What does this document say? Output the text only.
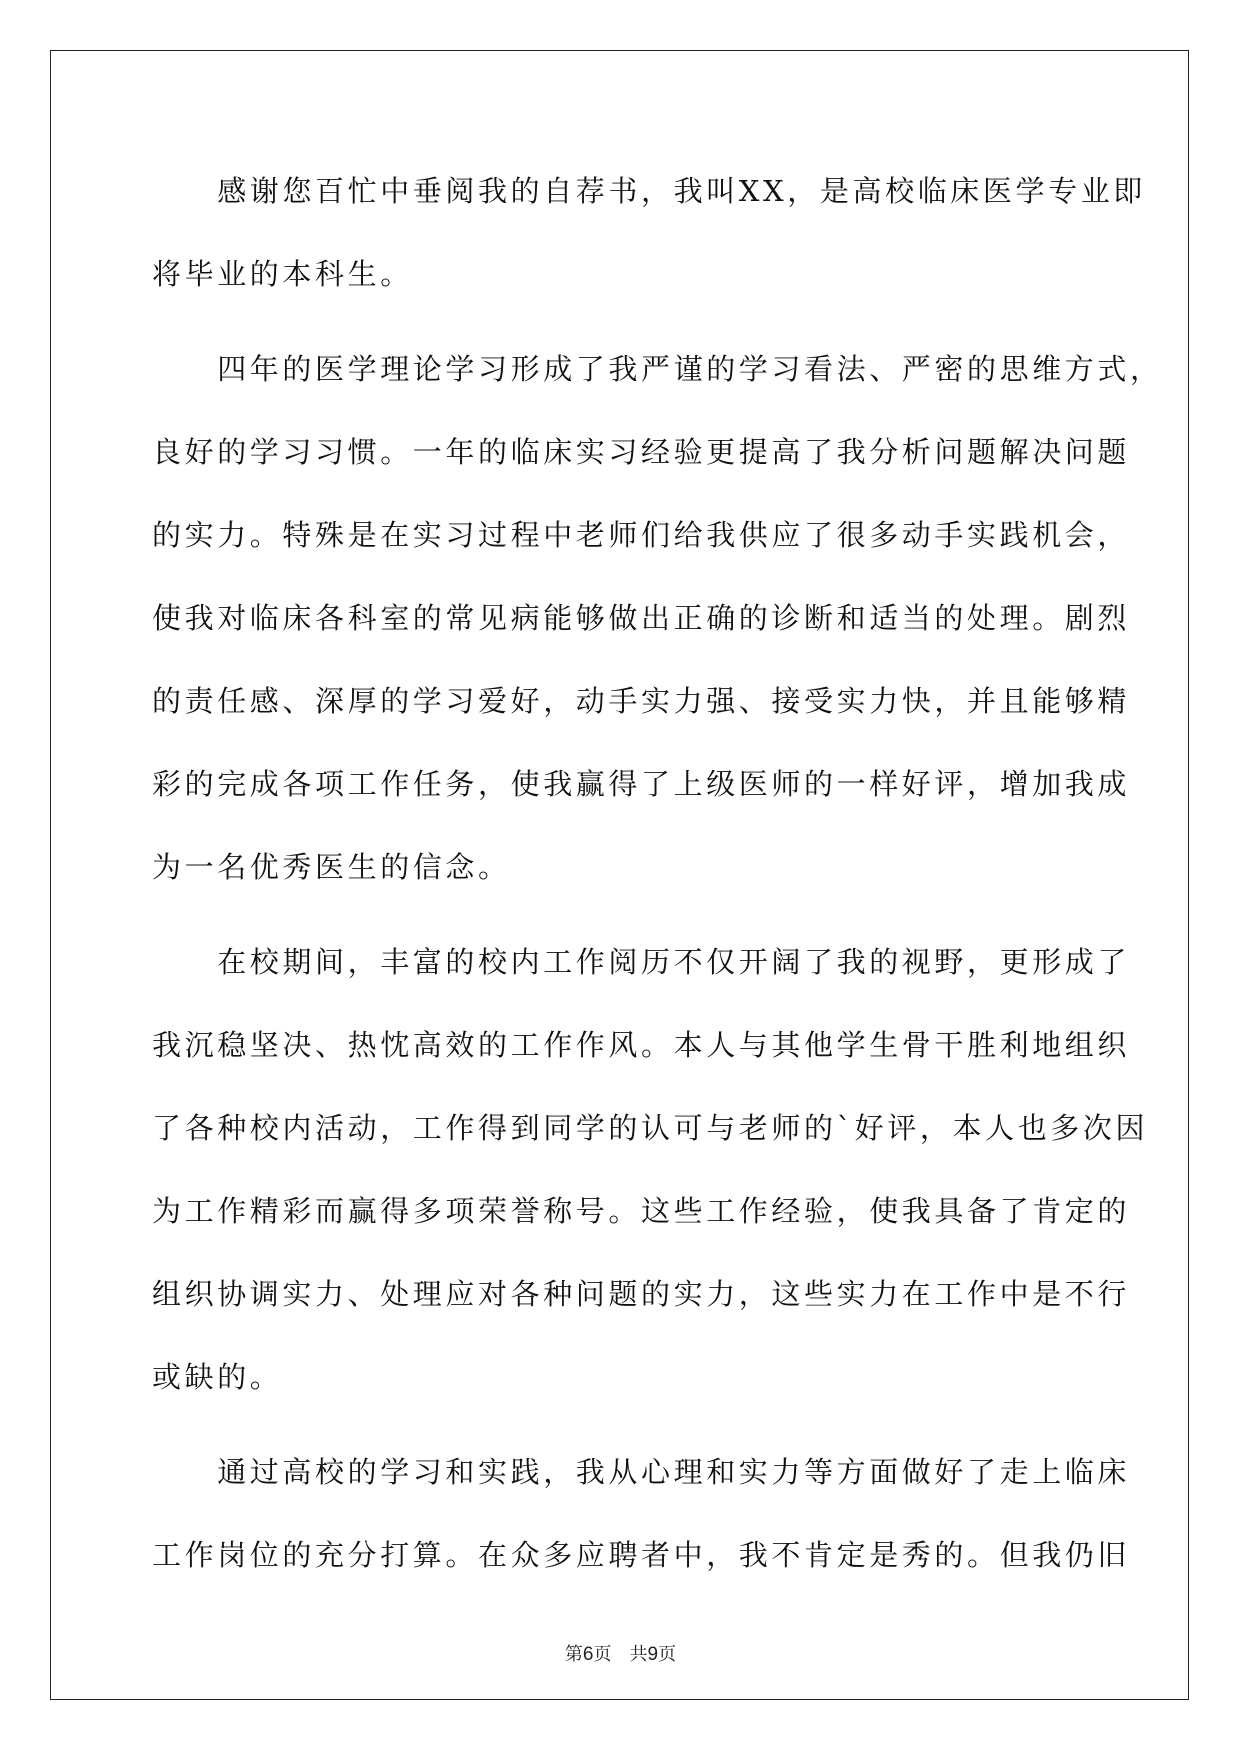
　　感谢您百忙中垂阅我的自荐书，我叫XX，是高校临床医学专业即
将毕业的本科生。
　　四年的医学理论学习形成了我严谨的学习看法、严密的思维方式，
良好的学习习惯。一年的临床实习经验更提高了我分析问题解决问题
的实力。特殊是在实习过程中老师们给我供应了很多动手实践机会，
使我对临床各科室的常见病能够做出正确的诊断和适当的处理。剧烈
的责任感、深厚的学习爱好，动手实力强、接受实力快，并且能够精
彩的完成各项工作任务，使我赢得了上级医师的一样好评，增加我成
为一名优秀医生的信念。
　　在校期间，丰富的校内工作阅历不仅开阔了我的视野，更形成了
我沉稳坚决、热忱高效的工作作风。本人与其他学生骨干胜利地组织
了各种校内活动，工作得到同学的认可与老师的`好评，本人也多次因
为工作精彩而赢得多项荣誉称号。这些工作经验，使我具备了肯定的
组织协调实力、处理应对各种问题的实力，这些实力在工作中是不行
或缺的。
　　通过高校的学习和实践，我从心理和实力等方面做好了走上临床
工作岗位的充分打算。在众多应聘者中，我不肯定是秀的。但我仍旧
第6页 共9页
